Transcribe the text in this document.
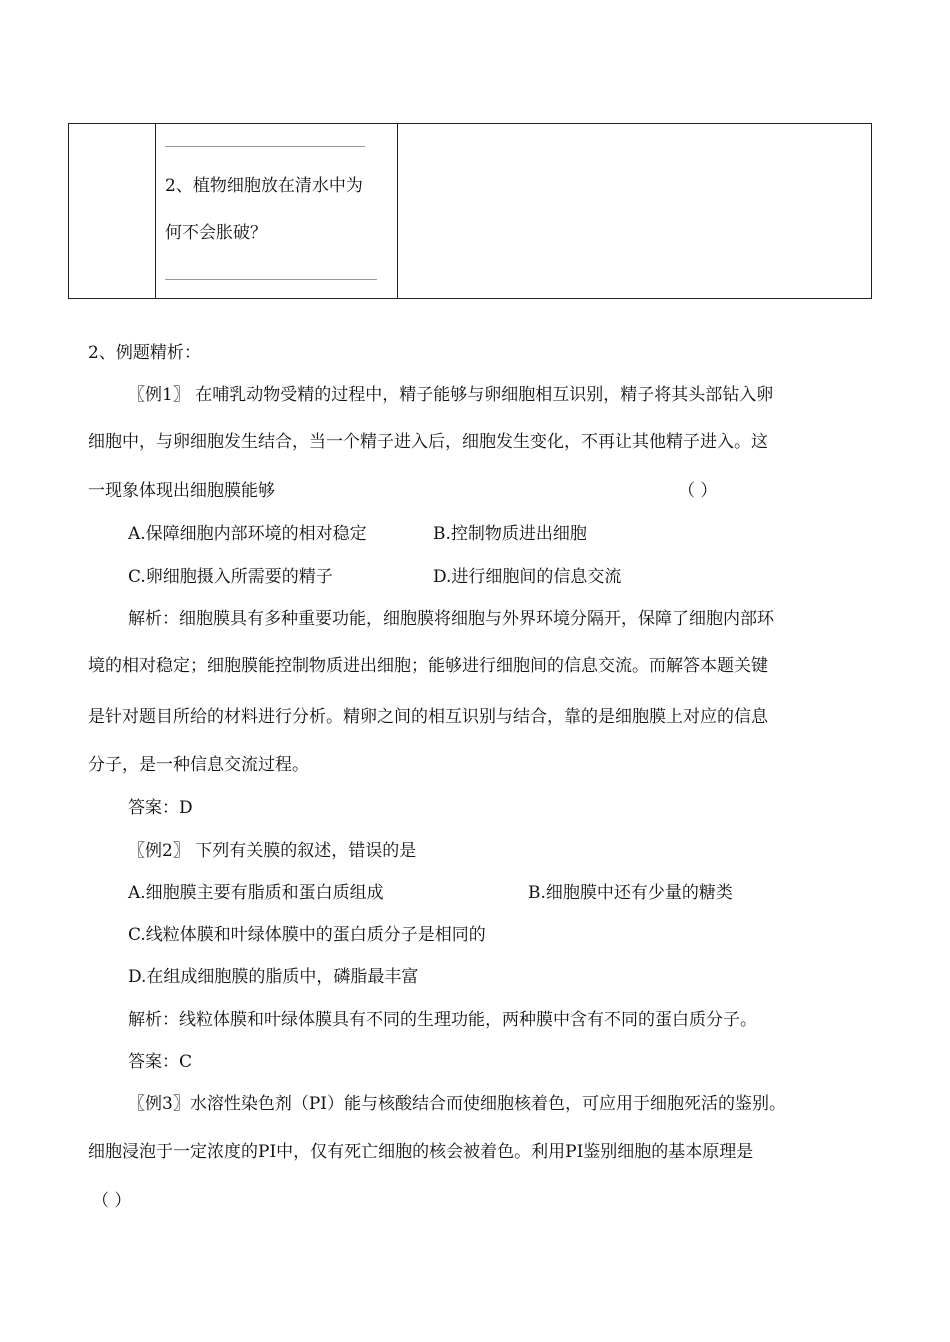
2、植物细胞放在清水中为
何不会胀破？
2、例题精析：
〖例1〗 在哺乳动物受精的过程中，精子能够与卵细胞相互识别，精子将其头部钻入卵
细胞中，与卵细胞发生结合，当一个精子进入后，细胞发生变化，不再让其他精子进入。这
一现象体现出细胞膜能够	（ ）
A.保障细胞内部环境的相对稳定	B.控制物质进出细胞
C.卵细胞摄入所需要的精子	D.进行细胞间的信息交流
解析：细胞膜具有多种重要功能，细胞膜将细胞与外界环境分隔开，保障了细胞内部环
境的相对稳定；细胞膜能控制物质进出细胞；能够进行细胞间的信息交流。而解答本题关键
是针对题目所给的材料进行分析。精卵之间的相互识别与结合，靠的是细胞膜上对应的信息
分子，是一种信息交流过程。
答案：D
〖例2〗 下列有关膜的叙述，错误的是
A.细胞膜主要有脂质和蛋白质组成	B.细胞膜中还有少量的糖类
C.线粒体膜和叶绿体膜中的蛋白质分子是相同的
D.在组成细胞膜的脂质中，磷脂最丰富
解析：线粒体膜和叶绿体膜具有不同的生理功能，两种膜中含有不同的蛋白质分子。
答案：C
〖例3〗水溶性染色剂（PI）能与核酸结合而使细胞核着色，可应用于细胞死活的鉴别。
细胞浸泡于一定浓度的PI中，仅有死亡细胞的核会被着色。利用PI鉴别细胞的基本原理是
（ ）
